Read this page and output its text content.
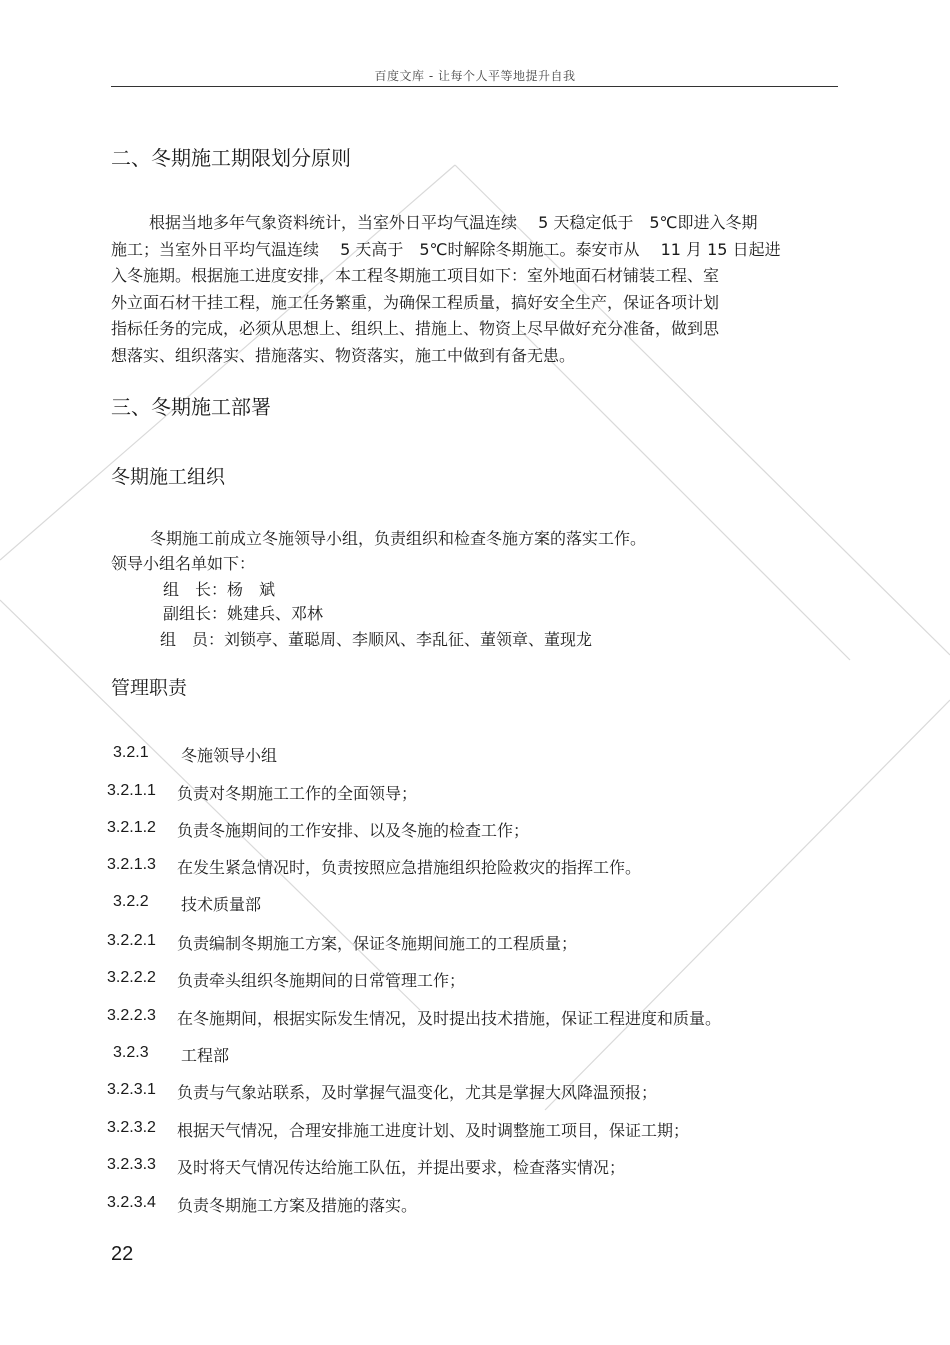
百度文库 - 让每个人平等地提升自我
二、冬期施工期限划分原则
根据当地多年气象资料统计，当室外日平均气温连续　 5 天稳定低于　5℃即进入冬期
施工；当室外日平均气温连续　 5 天高于　5℃时解除冬期施工。泰安市从　 11 月 15 日起进
入冬施期。根据施工进度安排，本工程冬期施工项目如下：室外地面石材铺装工程、室
外立面石材干挂工程，施工任务繁重，为确保工程质量，搞好安全生产，保证各项计划
指标任务的完成，必须从思想上、组织上、措施上、物资上尽早做好充分准备，做到思
想落实、组织落实、措施落实、物资落实，施工中做到有备无患。
三、冬期施工部署
冬期施工组织
冬期施工前成立冬施领导小组，负责组织和检查冬施方案的落实工作。
领导小组名单如下：
组　长：杨　斌
副组长：姚建兵、邓林
组　员：刘锁亭、董聪周、李顺风、李乱征、董领章、董现龙
管理职责
3.2.1 冬施领导小组
3.2.1.1 负责对冬期施工工作的全面领导；
3.2.1.2 负责冬施期间的工作安排、以及冬施的检查工作；
3.2.1.3 在发生紧急情况时，负责按照应急措施组织抢险救灾的指挥工作。
3.2.2 技术质量部
3.2.2.1 负责编制冬期施工方案，保证冬施期间施工的工程质量；
3.2.2.2 负责牵头组织冬施期间的日常管理工作；
3.2.2.3 在冬施期间，根据实际发生情况，及时提出技术措施，保证工程进度和质量。
3.2.3 工程部
3.2.3.1 负责与气象站联系，及时掌握气温变化，尤其是掌握大风降温预报；
3.2.3.2 根据天气情况，合理安排施工进度计划、及时调整施工项目，保证工期；
3.2.3.3 及时将天气情况传达给施工队伍，并提出要求，检查落实情况；
3.2.3.4 负责冬期施工方案及措施的落实。
22
